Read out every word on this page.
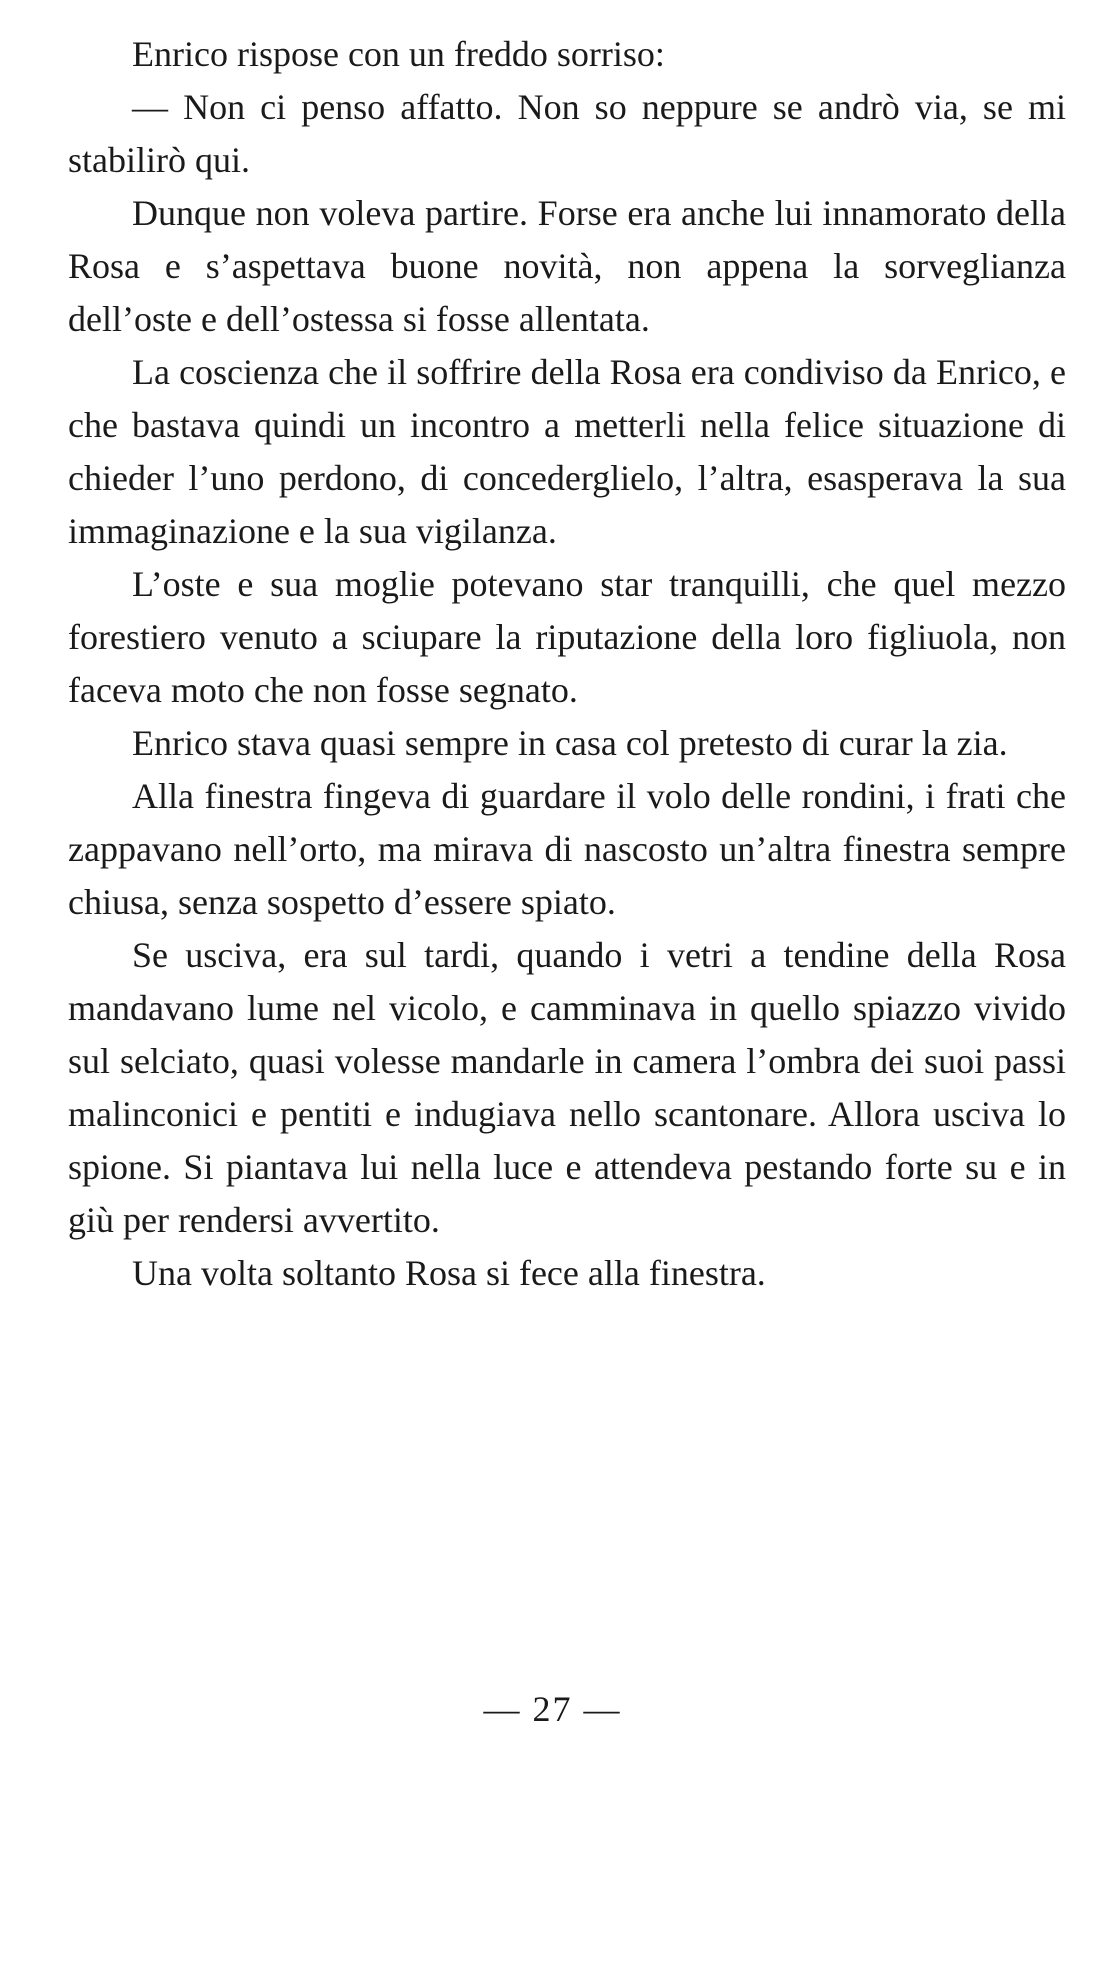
Enrico rispose con un freddo sorriso:

— Non ci penso affatto. Non so neppure se andrò via, se mi stabilirò qui.

Dunque non voleva partire. Forse era anche lui innamorato della Rosa e s’aspettava buone novità, non appena la sorveglianza dell’oste e dell’ostessa si fosse allentata.

La coscienza che il soffrire della Rosa era condiviso da Enrico, e che bastava quindi un incontro a metterli nella felice situazione di chieder l’uno perdono, di concederglielo, l’altra, esasperava la sua immaginazione e la sua vigilanza.

L’oste e sua moglie potevano star tranquilli, che quel mezzo forestiero venuto a sciupare la riputazione della loro figliuola, non faceva moto che non fosse segnato.

Enrico stava quasi sempre in casa col pretesto di curar la zia.

Alla finestra fingeva di guardare il volo delle rondini, i frati che zappavano nell’orto, ma mirava di nascosto un’altra finestra sempre chiusa, senza sospetto d’essere spiato.

Se usciva, era sul tardi, quando i vetri a tendine della Rosa mandavano lume nel vicolo, e camminava in quello spiazzo vivido sul selciato, quasi volesse mandarle in camera l’ombra dei suoi passi malinconici e pentiti e indugiava nello scantonare. Allora usciva lo spione. Si piantava lui nella luce e attendeva pestando forte su e in giù per rendersi avvertito.

Una volta soltanto Rosa si fece alla finestra.

— 27 —
